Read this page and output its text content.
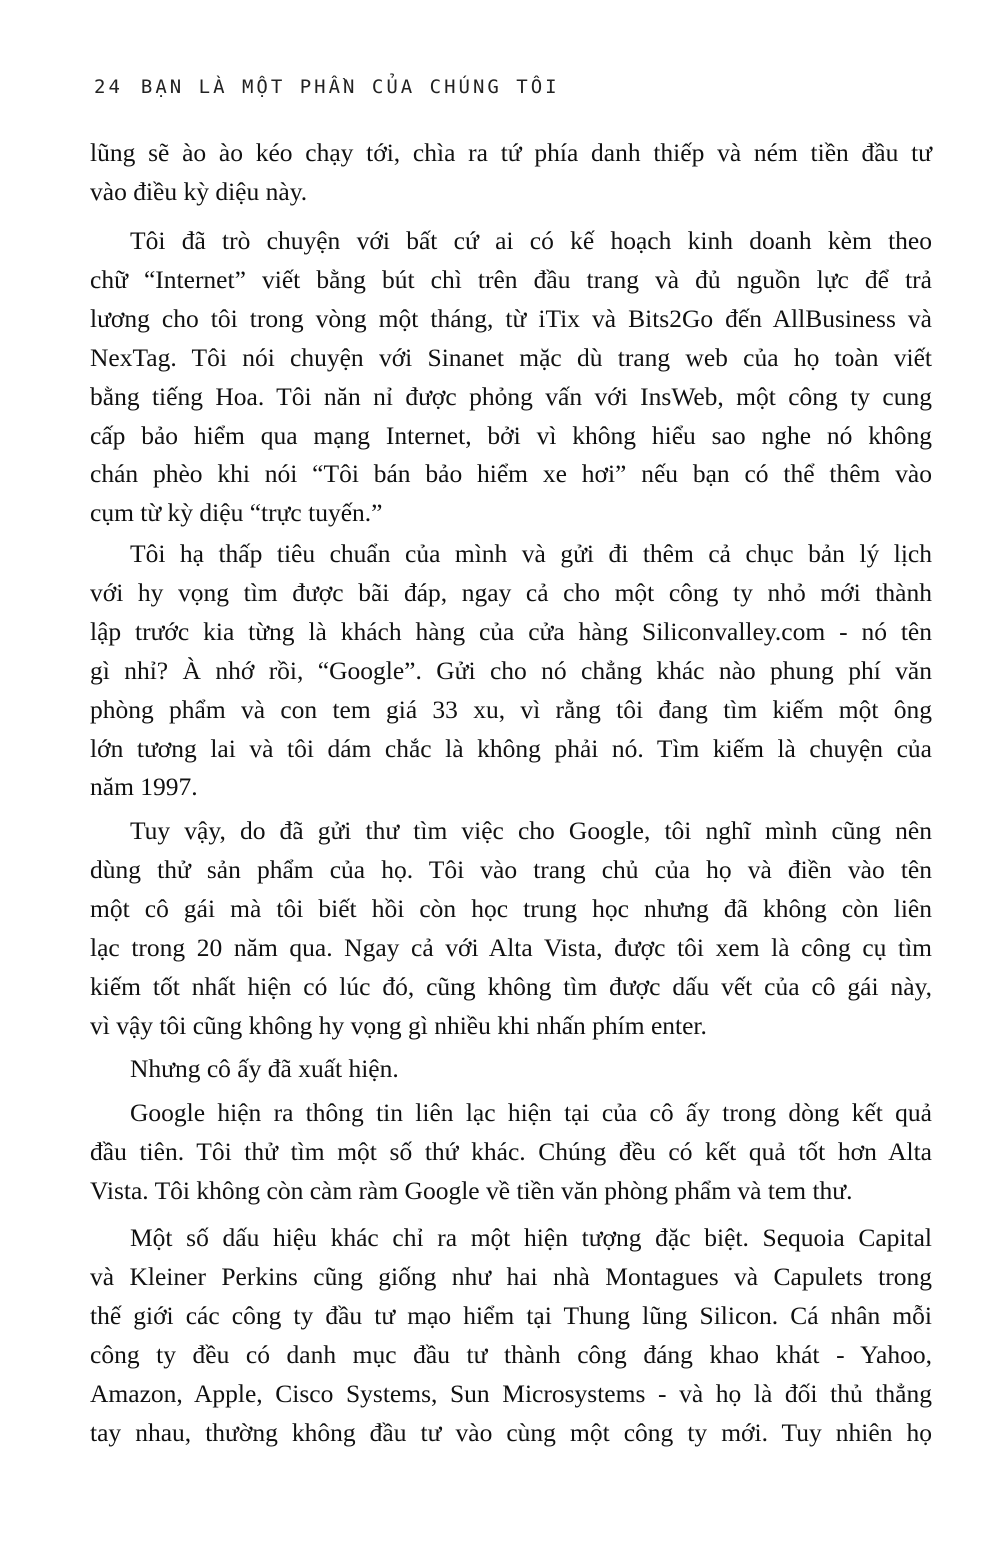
24 BẠN LÀ MỘT PHẦN CỦA CHÚNG TÔI
lũng sẽ ào ào kéo chạy tới, chìa ra tứ phía danh thiếp và ném tiền đầu tư
vào điều kỳ diệu này.
Tôi đã trò chuyện với bất cứ ai có kế hoạch kinh doanh kèm theo
chữ “Internet” viết bằng bút chì trên đầu trang và đủ nguồn lực để trả
lương cho tôi trong vòng một tháng, từ iTix và Bits2Go đến AllBusiness và
NexTag. Tôi nói chuyện với Sinanet mặc dù trang web của họ toàn viết
bằng tiếng Hoa. Tôi năn nỉ được phỏng vấn với InsWeb, một công ty cung
cấp bảo hiểm qua mạng Internet, bởi vì không hiểu sao nghe nó không
chán phèo khi nói “Tôi bán bảo hiểm xe hơi” nếu bạn có thể thêm vào
cụm từ kỳ diệu “trực tuyến.”
Tôi hạ thấp tiêu chuẩn của mình và gửi đi thêm cả chục bản lý lịch
với hy vọng tìm được bãi đáp, ngay cả cho một công ty nhỏ mới thành
lập trước kia từng là khách hàng của cửa hàng Siliconvalley.com - nó tên
gì nhỉ? À nhớ rồi, “Google”. Gửi cho nó chẳng khác nào phung phí văn
phòng phẩm và con tem giá 33 xu, vì rằng tôi đang tìm kiếm một ông
lớn tương lai và tôi dám chắc là không phải nó. Tìm kiếm là chuyện của
năm 1997.
Tuy vậy, do đã gửi thư tìm việc cho Google, tôi nghĩ mình cũng nên
dùng thử sản phẩm của họ. Tôi vào trang chủ của họ và điền vào tên
một cô gái mà tôi biết hồi còn học trung học nhưng đã không còn liên
lạc trong 20 năm qua. Ngay cả với Alta Vista, được tôi xem là công cụ tìm
kiếm tốt nhất hiện có lúc đó, cũng không tìm được dấu vết của cô gái này,
vì vậy tôi cũng không hy vọng gì nhiều khi nhấn phím enter.
Nhưng cô ấy đã xuất hiện.
Google hiện ra thông tin liên lạc hiện tại của cô ấy trong dòng kết quả
đầu tiên. Tôi thử tìm một số thứ khác. Chúng đều có kết quả tốt hơn Alta
Vista. Tôi không còn càm ràm Google về tiền văn phòng phẩm và tem thư.
Một số dấu hiệu khác chỉ ra một hiện tượng đặc biệt. Sequoia Capital
và Kleiner Perkins cũng giống như hai nhà Montagues và Capulets trong
thế giới các công ty đầu tư mạo hiểm tại Thung lũng Silicon. Cá nhân mỗi
công ty đều có danh mục đầu tư thành công đáng khao khát - Yahoo,
Amazon, Apple, Cisco Systems, Sun Microsystems - và họ là đối thủ thẳng
tay nhau, thường không đầu tư vào cùng một công ty mới. Tuy nhiên họ
